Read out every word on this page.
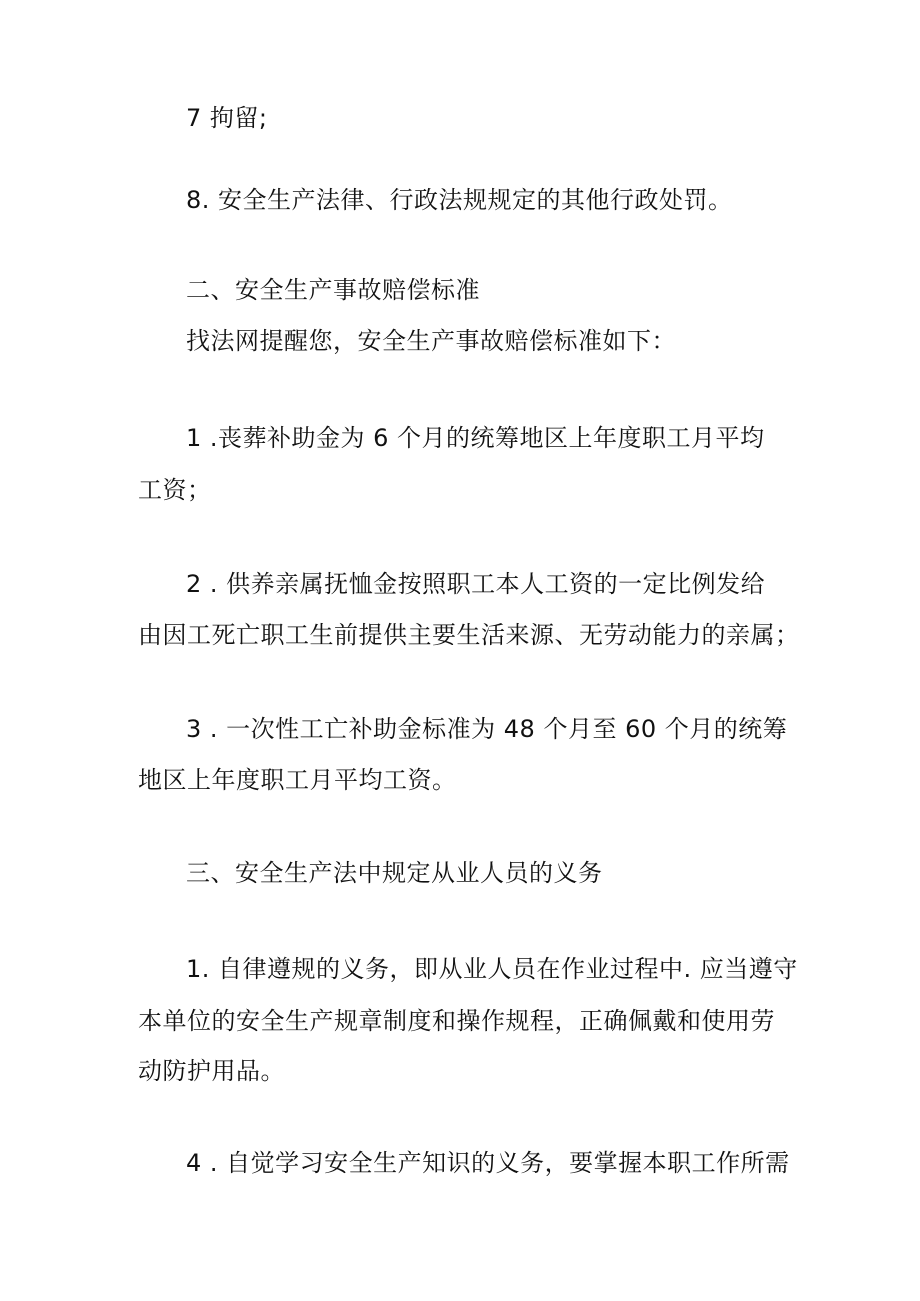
7 拘留;
8. 安全生产法律、行政法规规定的其他行政处罚。
二、安全生产事故赔偿标准
找法网提醒您，安全生产事故赔偿标准如下：
1 .丧葬补助金为 6 个月的统筹地区上年度职工月平均
工资；
2 . 供养亲属抚恤金按照职工本人工资的一定比例发给
由因工死亡职工生前提供主要生活来源、无劳动能力的亲属；
3 . 一次性工亡补助金标准为 48 个月至 60 个月的统筹
地区上年度职工月平均工资。
三、安全生产法中规定从业人员的义务
1. 自律遵规的义务，即从业人员在作业过程中. 应当遵守
本单位的安全生产规章制度和操作规程，正确佩戴和使用劳
动防护用品。
4 . 自觉学习安全生产知识的义务，要掌握本职工作所需
